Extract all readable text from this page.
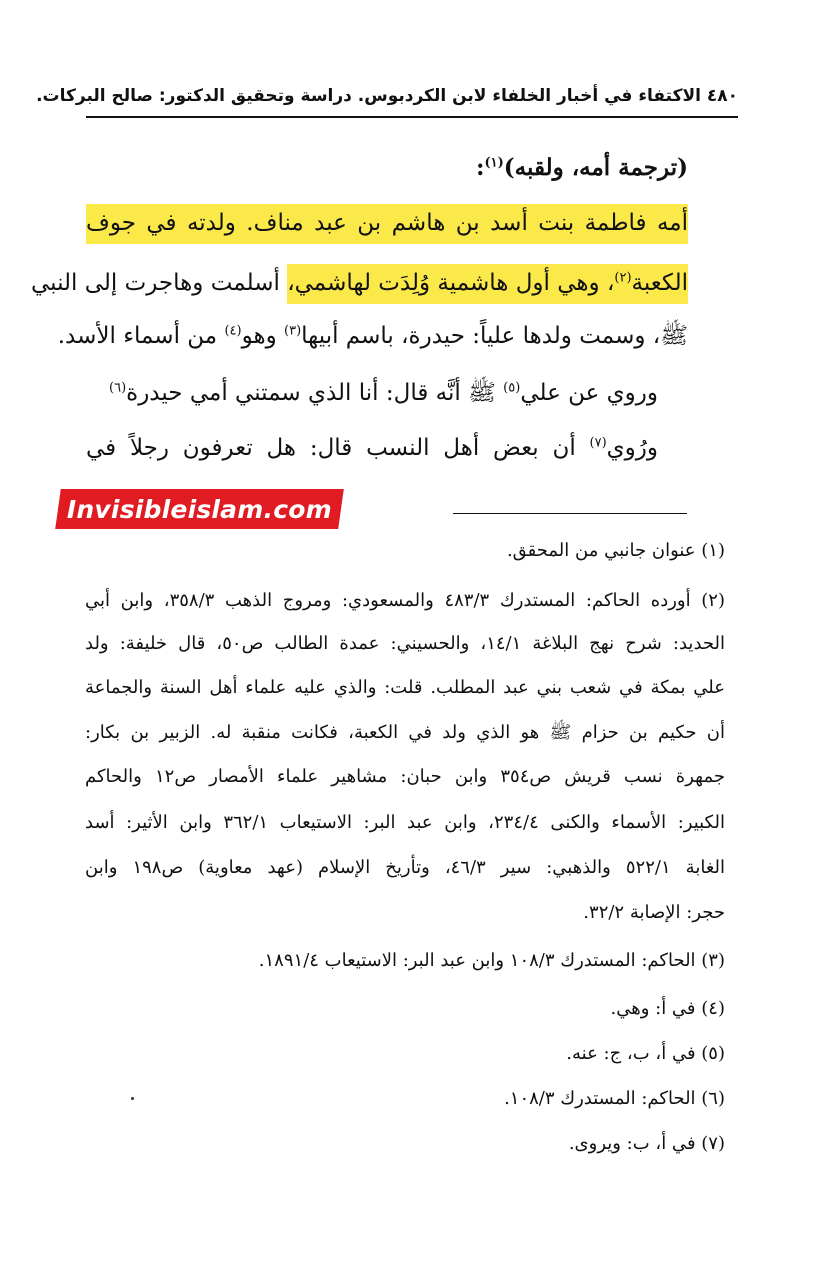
٤٨٠ الاكتفاء في أخبار الخلفاء لابن الكردبوس. دراسة وتحقيق الدكتور: صالح البركات.
(ترجمة أمه، ولقبه)$^{(١)}$:
أمه فاطمة بنت أسد بن هاشم بن عبد مناف. ولدته في جوف
الكعبة$^{(٢)}$، وهي أول هاشمية وُلِدَت لهاشمي، أسلمت وهاجرت إلى النبي
ﷺ، وسمت ولدها علياً: حيدرة، باسم أبيها$^{(٣)}$ وهو$^{(٤)}$ من أسماء الأسد.
وروي عن علي$^{(٥)}$ ﷺ أنَّه قال: أنا الذي سمتني أمي حيدرة$^{(٦)}$
ورُوي$^{(٧)}$ أن بعض أهل النسب قال: هل تعرفون رجلاً في
Invisibleislam.com
(١) عنوان جانبي من المحقق.
(٢) أورده الحاكم: المستدرك ٤٨٣/٣ والمسعودي: ومروج الذهب ٣٥٨/٣، وابن أبي
الحديد: شرح نهج البلاغة ١٤/١، والحسيني: عمدة الطالب ص٥٠، قال خليفة: ولد
علي بمكة في شعب بني عبد المطلب. قلت: والذي عليه علماء أهل السنة والجماعة
أن حكيم بن حزام ﷺ هو الذي ولد في الكعبة، فكانت منقبة له. الزبير بن بكار:
جمهرة نسب قريش ص٣٥٤ وابن حبان: مشاهير علماء الأمصار ص١٢ والحاكم
الكبير: الأسماء والكنى ٢٣٤/٤، وابن عبد البر: الاستيعاب ٣٦٢/١ وابن الأثير: أسد
الغابة ٥٢٢/١ والذهبي: سير ٤٦/٣، وتأريخ الإسلام (عهد معاوية) ص١٩٨ وابن
حجر: الإصابة ٣٢/٢.
(٣) الحاكم: المستدرك ١٠٨/٣ وابن عبد البر: الاستيعاب ١٨٩١/٤.
(٤) في أ: وهي.
(٥) في أ، ب، ج: عنه.
(٦) الحاكم: المستدرك ١٠٨/٣.
(٧) في أ، ب: ويروى.
